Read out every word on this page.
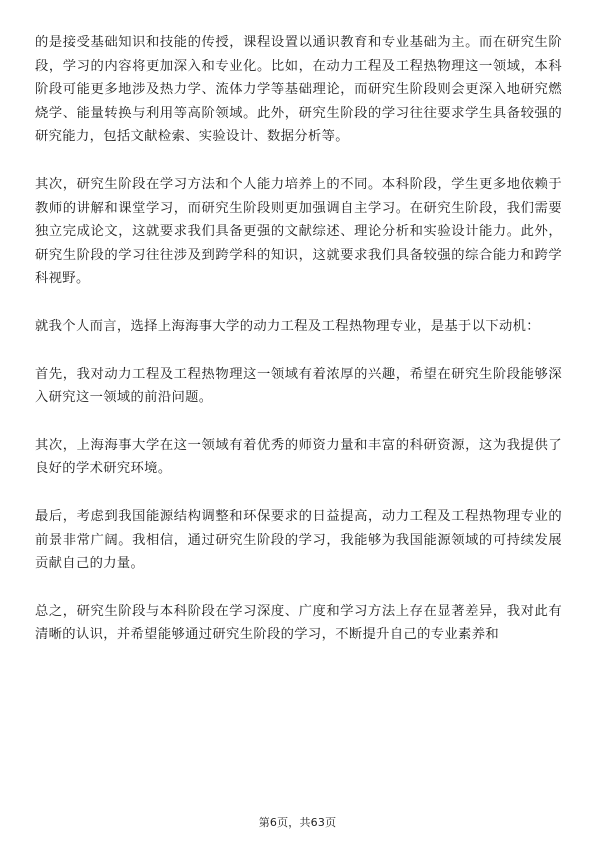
的是接受基础知识和技能的传授，课程设置以通识教育和专业基础为主。而在研究生阶段，学习的内容将更加深入和专业化。比如，在动力工程及工程热物理这一领域，本科阶段可能更多地涉及热力学、流体力学等基础理论，而研究生阶段则会更深入地研究燃烧学、能量转换与利用等高阶领域。此外，研究生阶段的学习往往要求学生具备较强的研究能力，包括文献检索、实验设计、数据分析等。

其次，研究生阶段在学习方法和个人能力培养上的不同。本科阶段，学生更多地依赖于教师的讲解和课堂学习，而研究生阶段则更加强调自主学习。在研究生阶段，我们需要独立完成论文，这就要求我们具备更强的文献综述、理论分析和实验设计能力。此外，研究生阶段的学习往往涉及到跨学科的知识，这就要求我们具备较强的综合能力和跨学科视野。

就我个人而言，选择上海海事大学的动力工程及工程热物理专业，是基于以下动机：

首先，我对动力工程及工程热物理这一领域有着浓厚的兴趣，希望在研究生阶段能够深入研究这一领域的前沿问题。

其次，上海海事大学在这一领域有着优秀的师资力量和丰富的科研资源，这为我提供了良好的学术研究环境。

最后，考虑到我国能源结构调整和环保要求的日益提高，动力工程及工程热物理专业的前景非常广阔。我相信，通过研究生阶段的学习，我能够为我国能源领域的可持续发展贡献自己的力量。

总之，研究生阶段与本科阶段在学习深度、广度和学习方法上存在显著差异，我对此有清晰的认识，并希望能够通过研究生阶段的学习，不断提升自己的专业素养和

第6页，共63页
